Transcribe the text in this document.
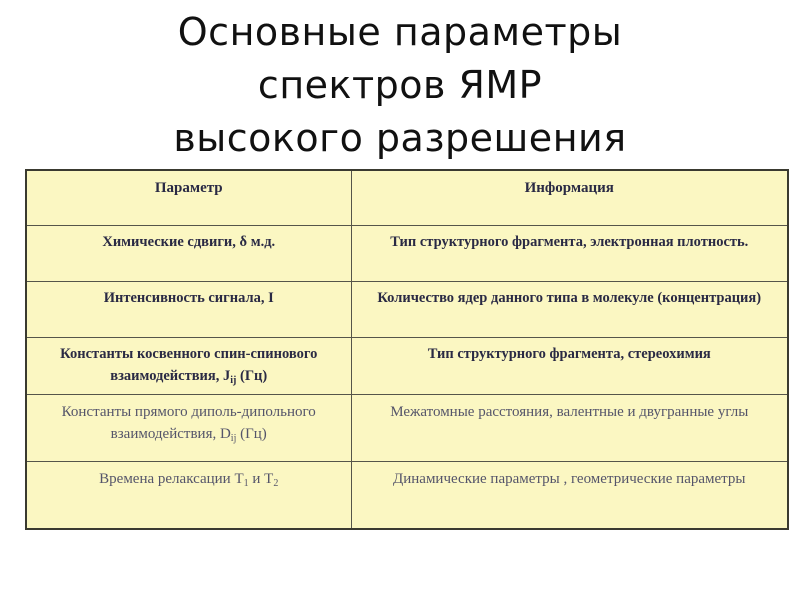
Основные параметры
спектров ЯМР
высокого разрешения
Параметр	Информация
Химические сдвиги, δ м.д.	Тип структурного фрагмента, электронная плотность.
Интенсивность сигнала, I	Количество ядер данного типа в молекуле (концентрация)
Константы косвенного спин-спинового взаимодействия, $J_{ij}$ (Гц)	Тип структурного фрагмента, стереохимия
Константы прямого диполь-дипольного взаимодействия, $D_{ij}$ (Гц)	Межатомные расстояния, валентные и двугранные углы
Времена релаксации $T_1$ и $T_2$	Динамические параметры , геометрические параметры
